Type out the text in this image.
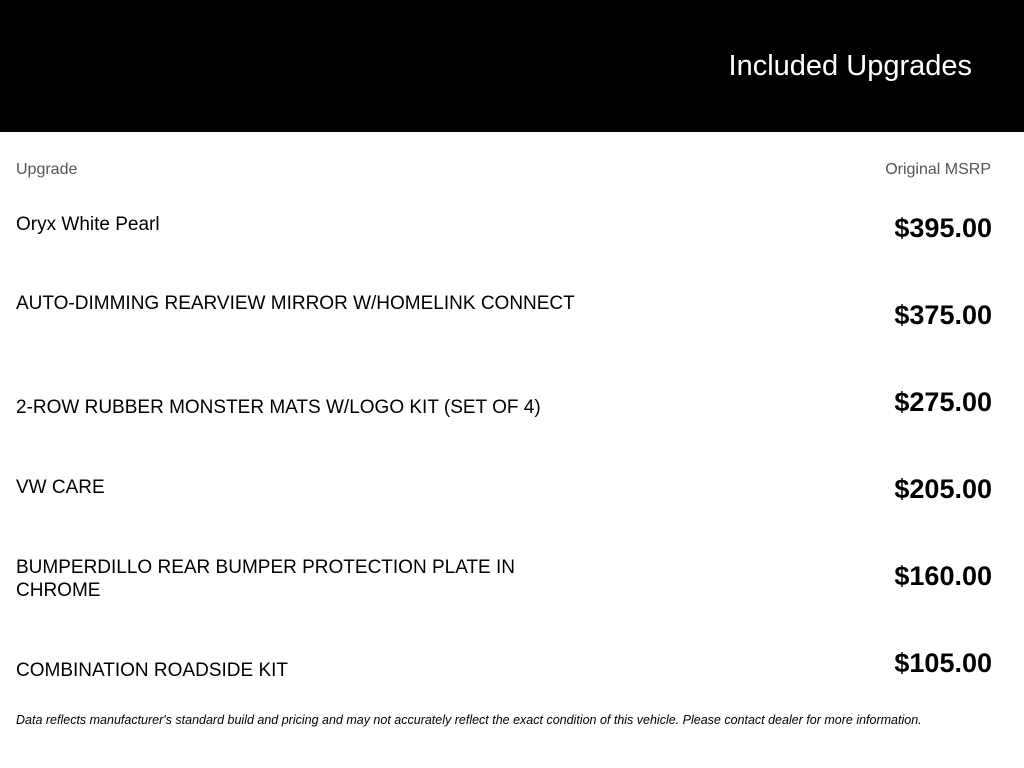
Included Upgrades
Upgrade	Original MSRP
Oryx White Pearl	$395.00
AUTO-DIMMING REARVIEW MIRROR W/HOMELINK CONNECT	$375.00
2-ROW RUBBER MONSTER MATS W/LOGO KIT (SET OF 4)	$275.00
VW CARE	$205.00
BUMPERDILLO REAR BUMPER PROTECTION PLATE IN CHROME	$160.00
COMBINATION ROADSIDE KIT	$105.00
Data reflects manufacturer's standard build and pricing and may not accurately reflect the exact condition of this vehicle. Please contact dealer for more information.
